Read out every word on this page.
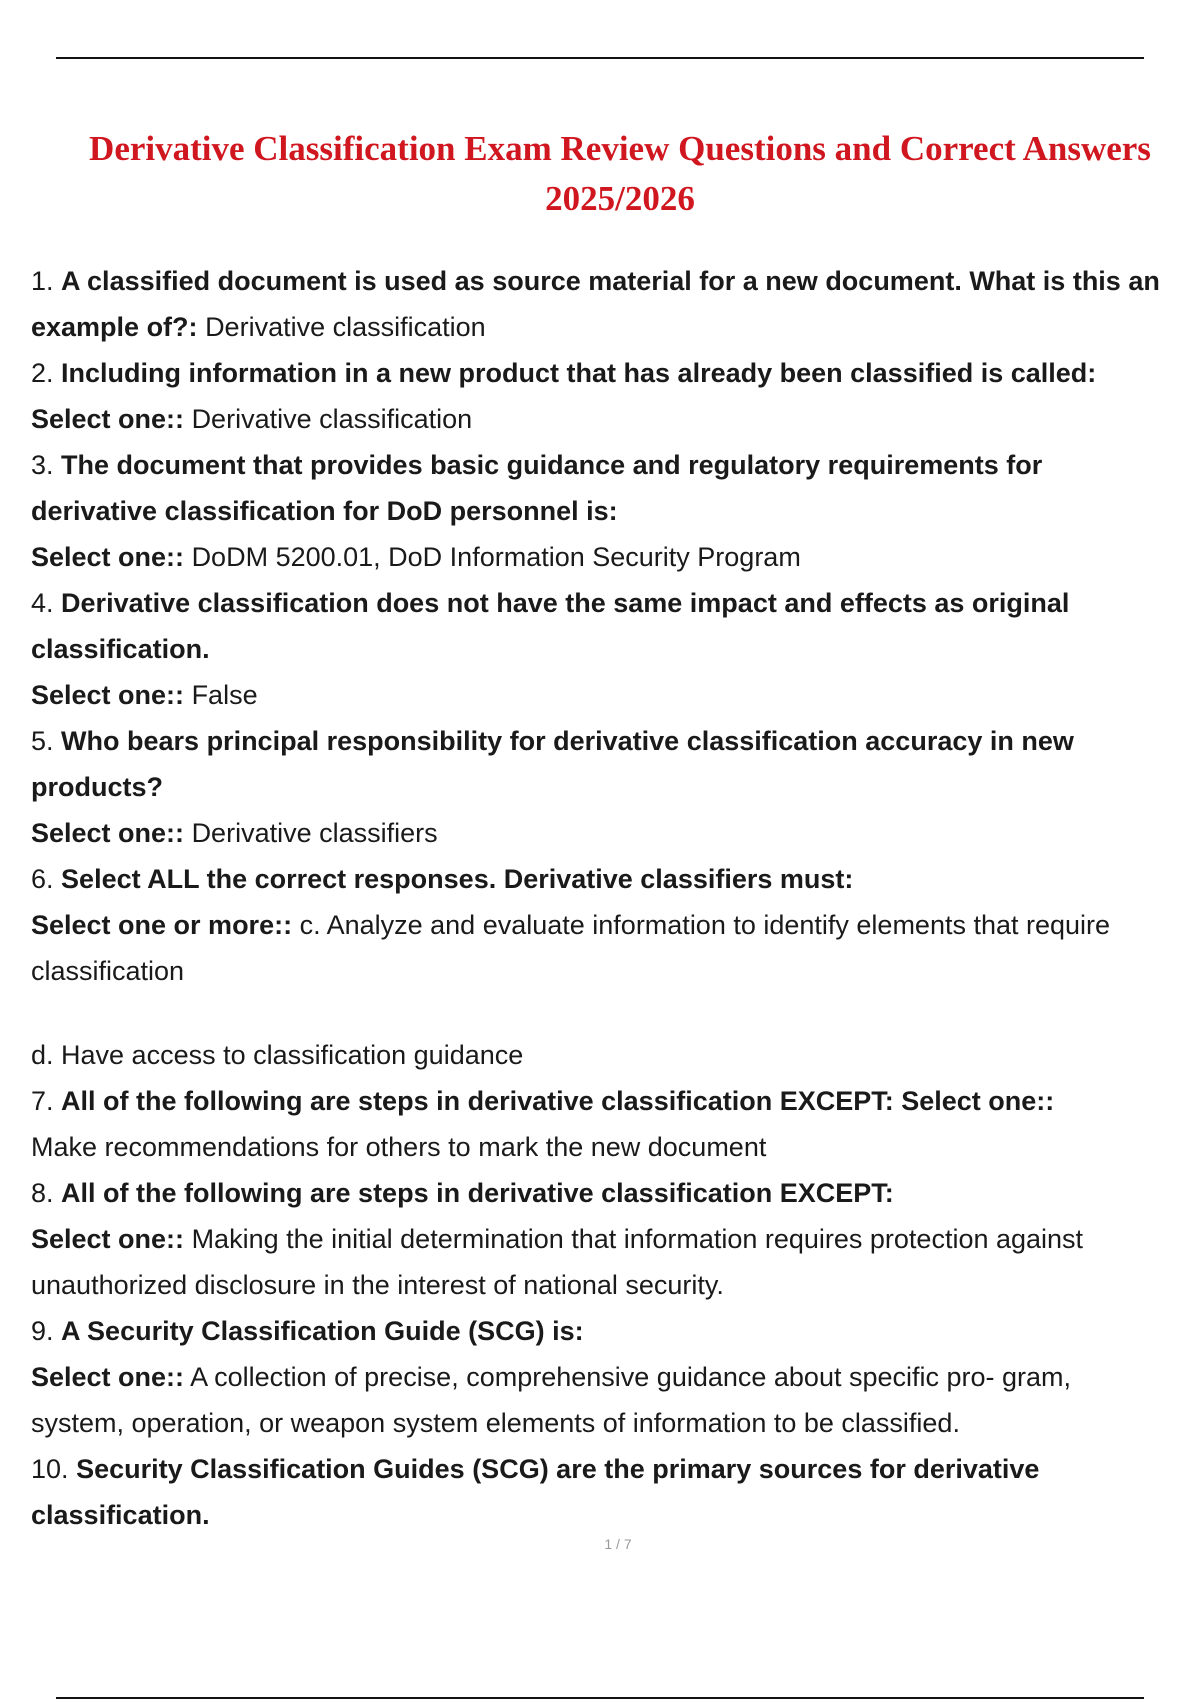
Derivative Classification Exam Review Questions and Correct Answers
2025/2026

1. A classified document is used as source material for a new document. What is this an

example of?: Derivative classification

2. Including information in a new product that has already been classified is called:

Select one:: Derivative classification

3. The document that provides basic guidance and regulatory requirements for

derivative classification for DoD personnel is:

Select one:: DoDM 5200.01, DoD Information Security Program

4. Derivative classification does not have the same impact and effects as original

classification.

Select one:: False

5. Who bears principal responsibility for derivative classification accuracy in new

products?

Select one:: Derivative classifiers

6. Select ALL the correct responses. Derivative classifiers must:

Select one or more:: c. Analyze and evaluate information to identify elements that require

classification

d. Have access to classification guidance

7. All of the following are steps in derivative classification EXCEPT: Select one::

Make recommendations for others to mark the new document

8. All of the following are steps in derivative classification EXCEPT:

Select one:: Making the initial determination that information requires protection against

unauthorized disclosure in the interest of national security.

9. A Security Classification Guide (SCG) is:

Select one:: A collection of precise, comprehensive guidance about specific pro- gram,

system, operation, or weapon system elements of information to be classified.

10. Security Classification Guides (SCG) are the primary sources for derivative

classification.

1 / 7
